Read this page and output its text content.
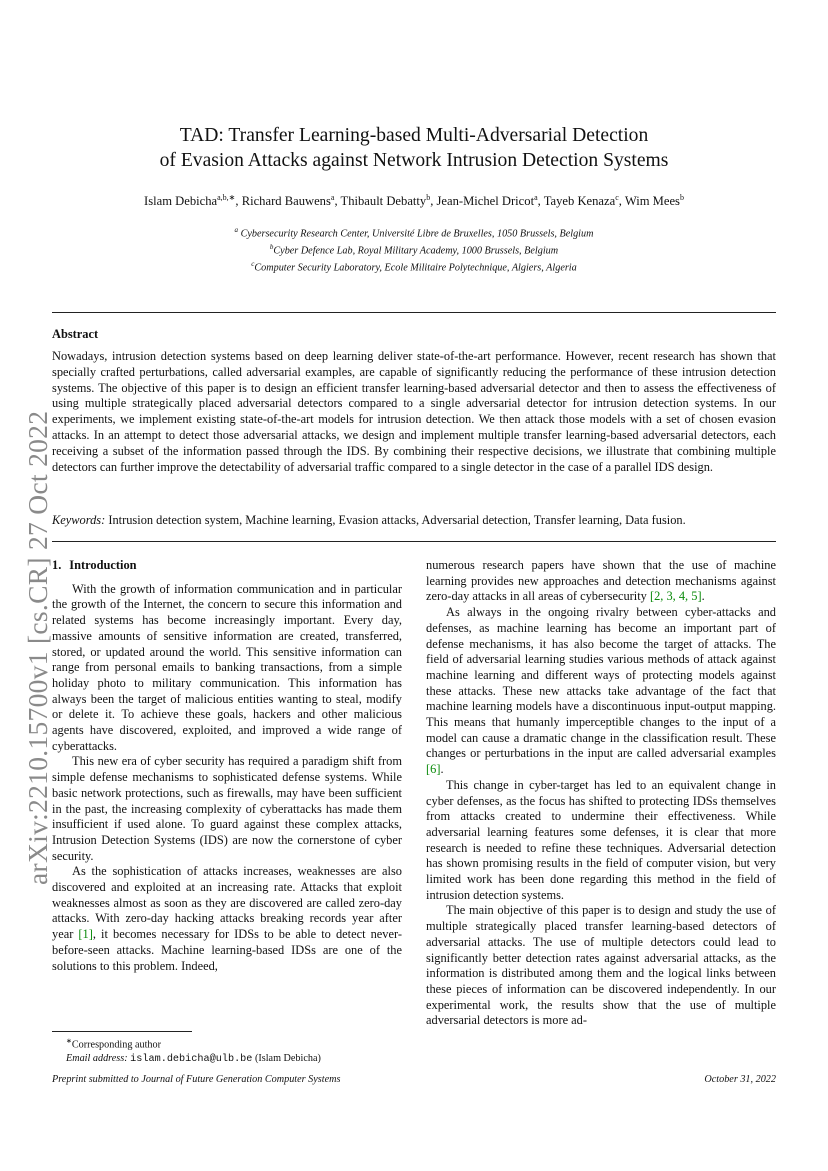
arXiv:2210.15700v1 [cs.CR] 27 Oct 2022
TAD: Transfer Learning-based Multi-Adversarial Detection
of Evasion Attacks against Network Intrusion Detection Systems
Islam Debicha$^{a,b,∗}$, Richard Bauwens$^a$, Thibault Debatty$^b$, Jean-Michel Dricot$^a$, Tayeb Kenaza$^c$, Wim Mees$^b$
$^a$ Cybersecurity Research Center, Université Libre de Bruxelles, 1050 Brussels, Belgium
$^b$Cyber Defence Lab, Royal Military Academy, 1000 Brussels, Belgium
$^c$Computer Security Laboratory, Ecole Militaire Polytechnique, Algiers, Algeria
Abstract
Nowadays, intrusion detection systems based on deep learning deliver state-of-the-art performance. However, recent research has shown that specially crafted perturbations, called adversarial examples, are capable of significantly reducing the performance of these intrusion detection systems. The objective of this paper is to design an efficient transfer learning-based adversarial detector and then to assess the effectiveness of using multiple strategically placed adversarial detectors compared to a single adversarial detector for intrusion detection systems. In our experiments, we implement existing state-of-the-art models for intrusion detection. We then attack those models with a set of chosen evasion attacks. In an attempt to detect those adversarial attacks, we design and implement multiple transfer learning-based adversarial detectors, each receiving a subset of the information passed through the IDS. By combining their respective decisions, we illustrate that combining multiple detectors can further improve the detectability of adversarial traffic compared to a single detector in the case of a parallel IDS design.
Keywords: Intrusion detection system, Machine learning, Evasion attacks, Adversarial detection, Transfer learning, Data fusion.
1. Introduction

With the growth of information communication and in particular the growth of the Internet, the concern to secure this information and related systems has become increasingly important. Every day, massive amounts of sensitive information are created, transferred, stored, or updated around the world. This sensitive information can range from personal emails to banking transactions, from a simple holiday photo to military communication. This information has always been the target of malicious entities wanting to steal, modify or delete it. To achieve these goals, hackers and other malicious agents have discovered, exploited, and improved a wide range of cyberattacks.

This new era of cyber security has required a paradigm shift from simple defense mechanisms to sophisticated defense systems. While basic network protections, such as firewalls, may have been sufficient in the past, the increasing complexity of cyberattacks has made them insufficient if used alone. To guard against these complex attacks, Intrusion Detection Systems (IDS) are now the cornerstone of cyber security.

As the sophistication of attacks increases, weaknesses are also discovered and exploited at an increasing rate. Attacks that exploit weaknesses almost as soon as they are discovered are called zero-day attacks. With zero-day hacking attacks breaking records year after year [1], it becomes necessary for IDSs to be able to detect never-before-seen attacks. Machine learning-based IDSs are one of the solutions to this problem. Indeed,

numerous research papers have shown that the use of machine learning provides new approaches and detection mechanisms against zero-day attacks in all areas of cybersecurity [2, 3, 4, 5].

As always in the ongoing rivalry between cyber-attacks and defenses, as machine learning has become an important part of defense mechanisms, it has also become the target of attacks. The field of adversarial learning studies various methods of attack against machine learning and different ways of protecting models against these attacks. These new attacks take advantage of the fact that machine learning models have a discontinuous input-output mapping. This means that humanly imperceptible changes to the input of a model can cause a dramatic change in the classification result. These changes or perturbations in the input are called adversarial examples [6].

This change in cyber-target has led to an equivalent change in cyber defenses, as the focus has shifted to protecting IDSs themselves from attacks created to undermine their effectiveness. While adversarial learning features some defenses, it is clear that more research is needed to refine these techniques. Adversarial detection has shown promising results in the field of computer vision, but very limited work has been done regarding this method in the field of intrusion detection systems.

The main objective of this paper is to design and study the use of multiple strategically placed transfer learning-based detectors of adversarial attacks. The use of multiple detectors could lead to significantly better detection rates against adversarial attacks, as the information is distributed among them and the logical links between these pieces of information can be discovered independently. In our experimental work, the results show that the use of multiple adversarial detectors is more ad-

∗Corresponding author
Email address: islam.debicha@ulb.be (Islam Debicha)
Preprint submitted to Journal of Future Generation Computer Systems	October 31, 2022
